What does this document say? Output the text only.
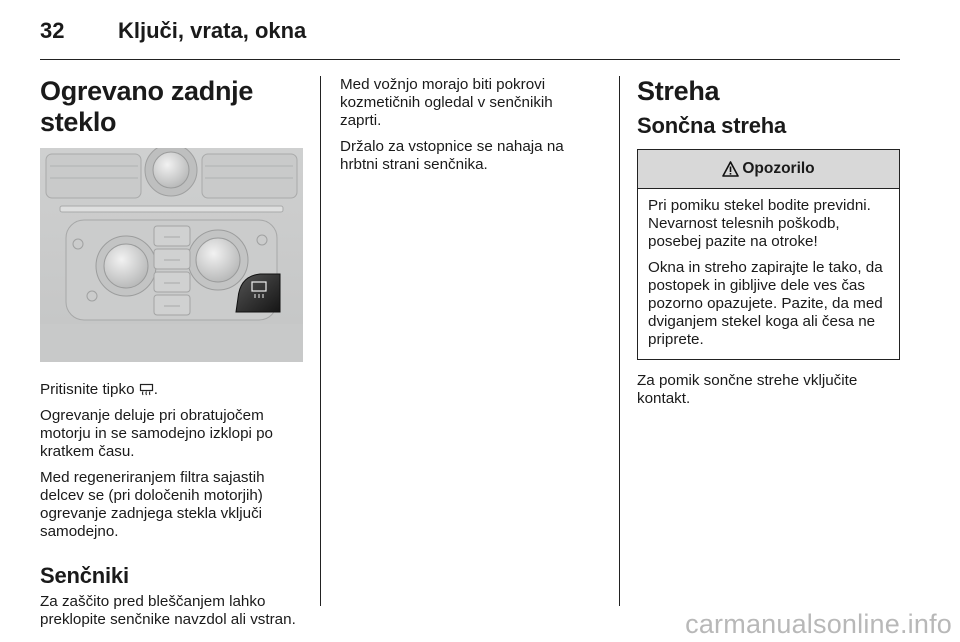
32 Ključi, vrata, okna
Ogrevano zadnje steklo

Pritisnite tipko .

Ogrevanje deluje pri obratujočem motorju in se samodejno izklopi po kratkem času.

Med regeneriranjem filtra sajastih delcev se (pri določenih motorjih) ogrevanje zadnjega stekla vključi samodejno.

Senčniki

Za zaščito pred bleščanjem lahko preklopite senčnike navzdol ali vstran.

Med vožnjo morajo biti pokrovi kozmetičnih ogledal v senčnikih zaprti.

Držalo za vstopnice se nahaja na hrbtni strani senčnika.

Streha
Sončna streha
Opozorilo

Pri pomiku stekel bodite previdni. Nevarnost telesnih poškodb, posebej pazite na otroke!

Okna in streho zapirajte le tako, da postopek in gibljive dele ves čas pozorno opazujete. Pazite, da med dviganjem stekel koga ali česa ne priprete.

Za pomik sončne strehe vključite kontakt.

carmanualsonline.info
